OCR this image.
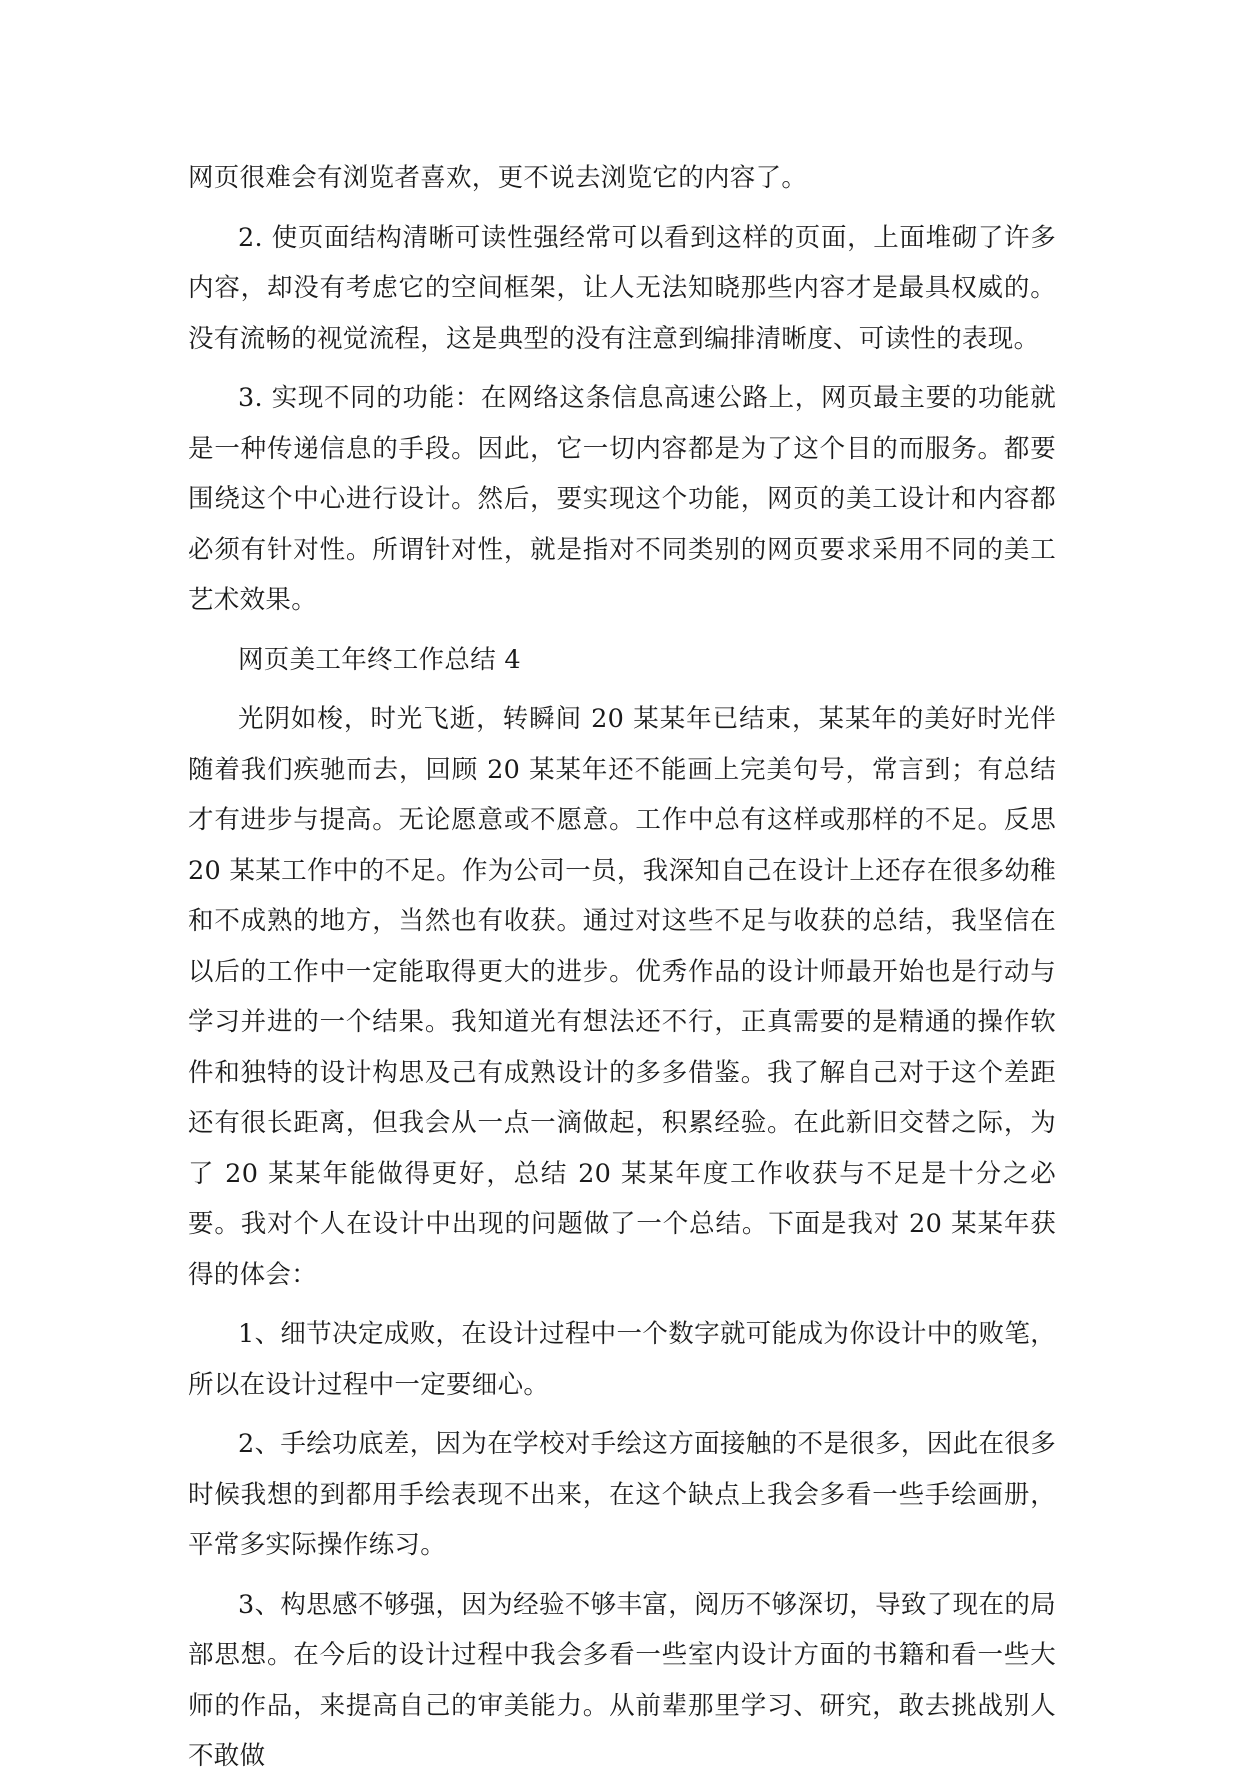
网页很难会有浏览者喜欢，更不说去浏览它的内容了。

2. 使页面结构清晰可读性强经常可以看到这样的页面，上面堆砌了许多内容，却没有考虑它的空间框架，让人无法知晓那些内容才是最具权威的。没有流畅的视觉流程，这是典型的没有注意到编排清晰度、可读性的表现。

3. 实现不同的功能：在网络这条信息高速公路上，网页最主要的功能就是一种传递信息的手段。因此，它一切内容都是为了这个目的而服务。都要围绕这个中心进行设计。然后，要实现这个功能，网页的美工设计和内容都必须有针对性。所谓针对性，就是指对不同类别的网页要求采用不同的美工艺术效果。

网页美工年终工作总结 4

光阴如梭，时光飞逝，转瞬间 20 某某年已结束，某某年的美好时光伴随着我们疾驰而去，回顾 20 某某年还不能画上完美句号，常言到；有总结才有进步与提高。无论愿意或不愿意。工作中总有这样或那样的不足。反思 20 某某工作中的不足。作为公司一员，我深知自己在设计上还存在很多幼稚和不成熟的地方，当然也有收获。通过对这些不足与收获的总结，我坚信在以后的工作中一定能取得更大的进步。优秀作品的设计师最开始也是行动与学习并进的一个结果。我知道光有想法还不行，正真需要的是精通的操作软件和独特的设计构思及己有成熟设计的多多借鉴。我了解自己对于这个差距还有很长距离，但我会从一点一滴做起，积累经验。在此新旧交替之际，为了 20 某某年能做得更好，总结 20 某某年度工作收获与不足是十分之必要。我对个人在设计中出现的问题做了一个总结。下面是我对 20 某某年获得的体会：

1、细节决定成败，在设计过程中一个数字就可能成为你设计中的败笔，所以在设计过程中一定要细心。

2、手绘功底差，因为在学校对手绘这方面接触的不是很多，因此在很多时候我想的到都用手绘表现不出来，在这个缺点上我会多看一些手绘画册，平常多实际操作练习。

3、构思感不够强，因为经验不够丰富，阅历不够深切，导致了现在的局部思想。在今后的设计过程中我会多看一些室内设计方面的书籍和看一些大师的作品，来提高自己的审美能力。从前辈那里学习、研究，敢去挑战别人不敢做
